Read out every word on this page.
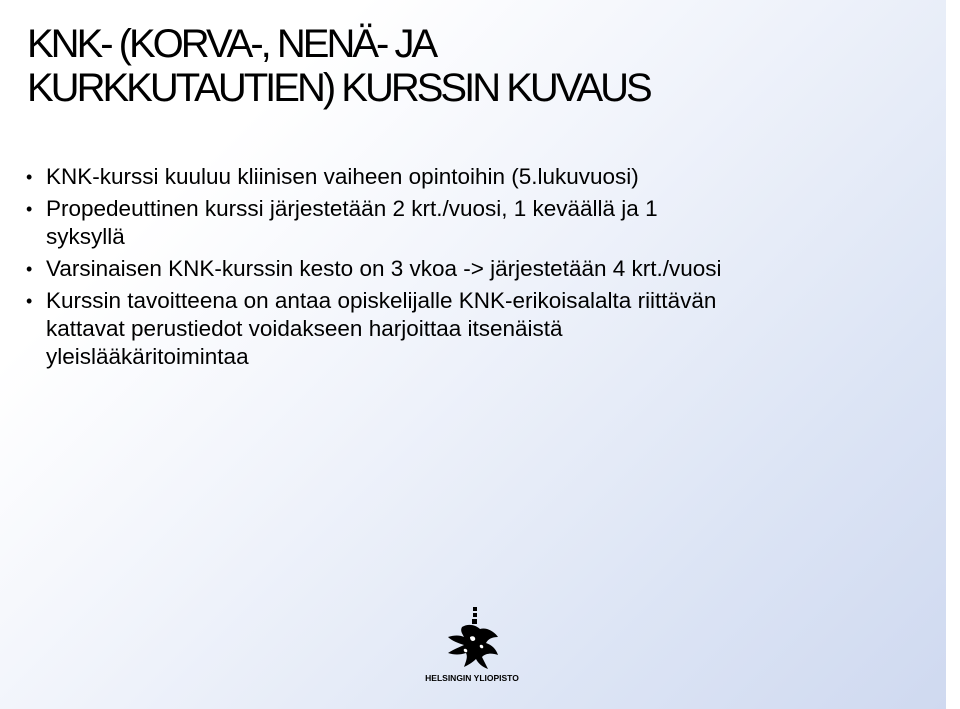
KNK- (KORVA-, NENÄ- JA
KURKKUTAUTIEN) KURSSIN KUVAUS
• KNK-kurssi kuuluu kliinisen vaiheen opintoihin (5.lukuvuosi)
• Propedeuttinen kurssi järjestetään 2 krt./vuosi, 1 keväällä ja 1
syksyllä
• Varsinaisen KNK-kurssin kesto on 3 vkoa -> järjestetään 4 krt./vuosi
• Kurssin tavoitteena on antaa opiskelijalle KNK-erikoisalalta riittävän
kattavat perustiedot voidakseen harjoittaa itsenäistä
yleislääkäritoimintaa
HELSINGIN YLIOPISTO
